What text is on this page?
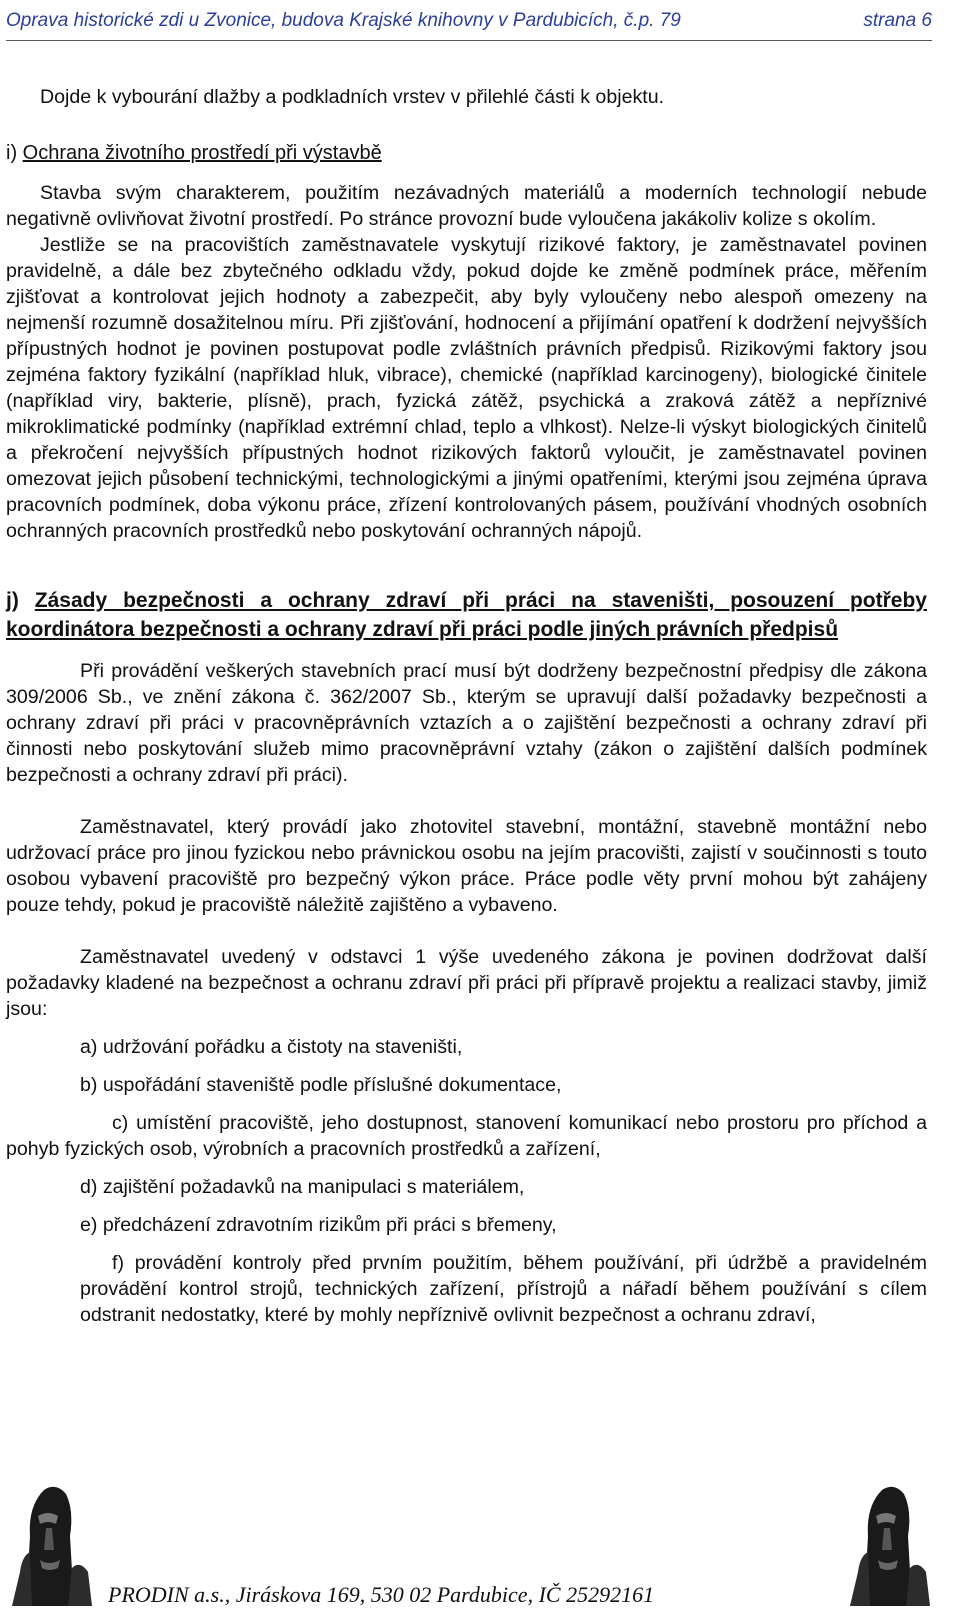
Oprava historické zdi u Zvonice, budova Krajské knihovny v Pardubicích, č.p. 79	strana 6

Dojde k vybourání dlažby a podkladních vrstev v přilehlé části k objektu.

i) Ochrana životního prostředí při výstavbě

Stavba svým charakterem, použitím nezávadných materiálů a moderních technologií nebude negativně ovlivňovat životní prostředí. Po stránce provozní bude vyloučena jakákoliv kolize s okolím.

Jestliže se na pracovištích zaměstnavatele vyskytují rizikové faktory, je zaměstnavatel povinen pravidelně, a dále bez zbytečného odkladu vždy, pokud dojde ke změně podmínek práce, měřením zjišťovat a kontrolovat jejich hodnoty a zabezpečit, aby byly vyloučeny nebo alespoň omezeny na nejmenší rozumně dosažitelnou míru. Při zjišťování, hodnocení a přijímání opatření k dodržení nejvyšších přípustných hodnot je povinen postupovat podle zvláštních právních předpisů. Rizikovými faktory jsou zejména faktory fyzikální (například hluk, vibrace), chemické (například karcinogeny), biologické činitele (například viry, bakterie, plísně), prach, fyzická zátěž, psychická a zraková zátěž a nepříznivé mikroklimatické podmínky (například extrémní chlad, teplo a vlhkost). Nelze-li výskyt biologických činitelů a překročení nejvyšších přípustných hodnot rizikových faktorů vyloučit, je zaměstnavatel povinen omezovat jejich působení technickými, technologickými a jinými opatřeními, kterými jsou zejména úprava pracovních podmínek, doba výkonu práce, zřízení kontrolovaných pásem, používání vhodných osobních ochranných pracovních prostředků nebo poskytování ochranných nápojů.

j) Zásady bezpečnosti a ochrany zdraví při práci na staveništi, posouzení potřeby koordinátora bezpečnosti a ochrany zdraví při práci podle jiných právních předpisů

Při provádění veškerých stavebních prací musí být dodrženy bezpečnostní předpisy dle zákona 309/2006 Sb., ve znění zákona č. 362/2007 Sb., kterým se upravují další požadavky bezpečnosti a ochrany zdraví při práci v pracovněprávních vztazích a o zajištění bezpečnosti a ochrany zdraví při činnosti nebo poskytování služeb mimo pracovněprávní vztahy (zákon o zajištění dalších podmínek bezpečnosti a ochrany zdraví při práci).

Zaměstnavatel, který provádí jako zhotovitel stavební, montážní, stavebně montážní nebo udržovací práce pro jinou fyzickou nebo právnickou osobu na jejím pracovišti, zajistí v součinnosti s touto osobou vybavení pracoviště pro bezpečný výkon práce. Práce podle věty první mohou být zahájeny pouze tehdy, pokud je pracoviště náležitě zajištěno a vybaveno.

Zaměstnavatel uvedený v odstavci 1 výše uvedeného zákona je povinen dodržovat další požadavky kladené na bezpečnost a ochranu zdraví při práci při přípravě projektu a realizaci stavby, jimiž jsou:

a) udržování pořádku a čistoty na staveništi,

b) uspořádání staveniště podle příslušné dokumentace,

c) umístění pracoviště, jeho dostupnost, stanovení komunikací nebo prostoru pro příchod a pohyb fyzických osob, výrobních a pracovních prostředků a zařízení,

d) zajištění požadavků na manipulaci s materiálem,

e) předcházení zdravotním rizikům při práci s břemeny,

f) provádění kontroly před prvním použitím, během používání, při údržbě a pravidelném provádění kontrol strojů, technických zařízení, přístrojů a nářadí během používání s cílem odstranit nedostatky, které by mohly nepříznivě ovlivnit bezpečnost a ochranu zdraví,

PRODIN a.s., Jiráskova 169, 530 02 Pardubice, IČ 25292161
